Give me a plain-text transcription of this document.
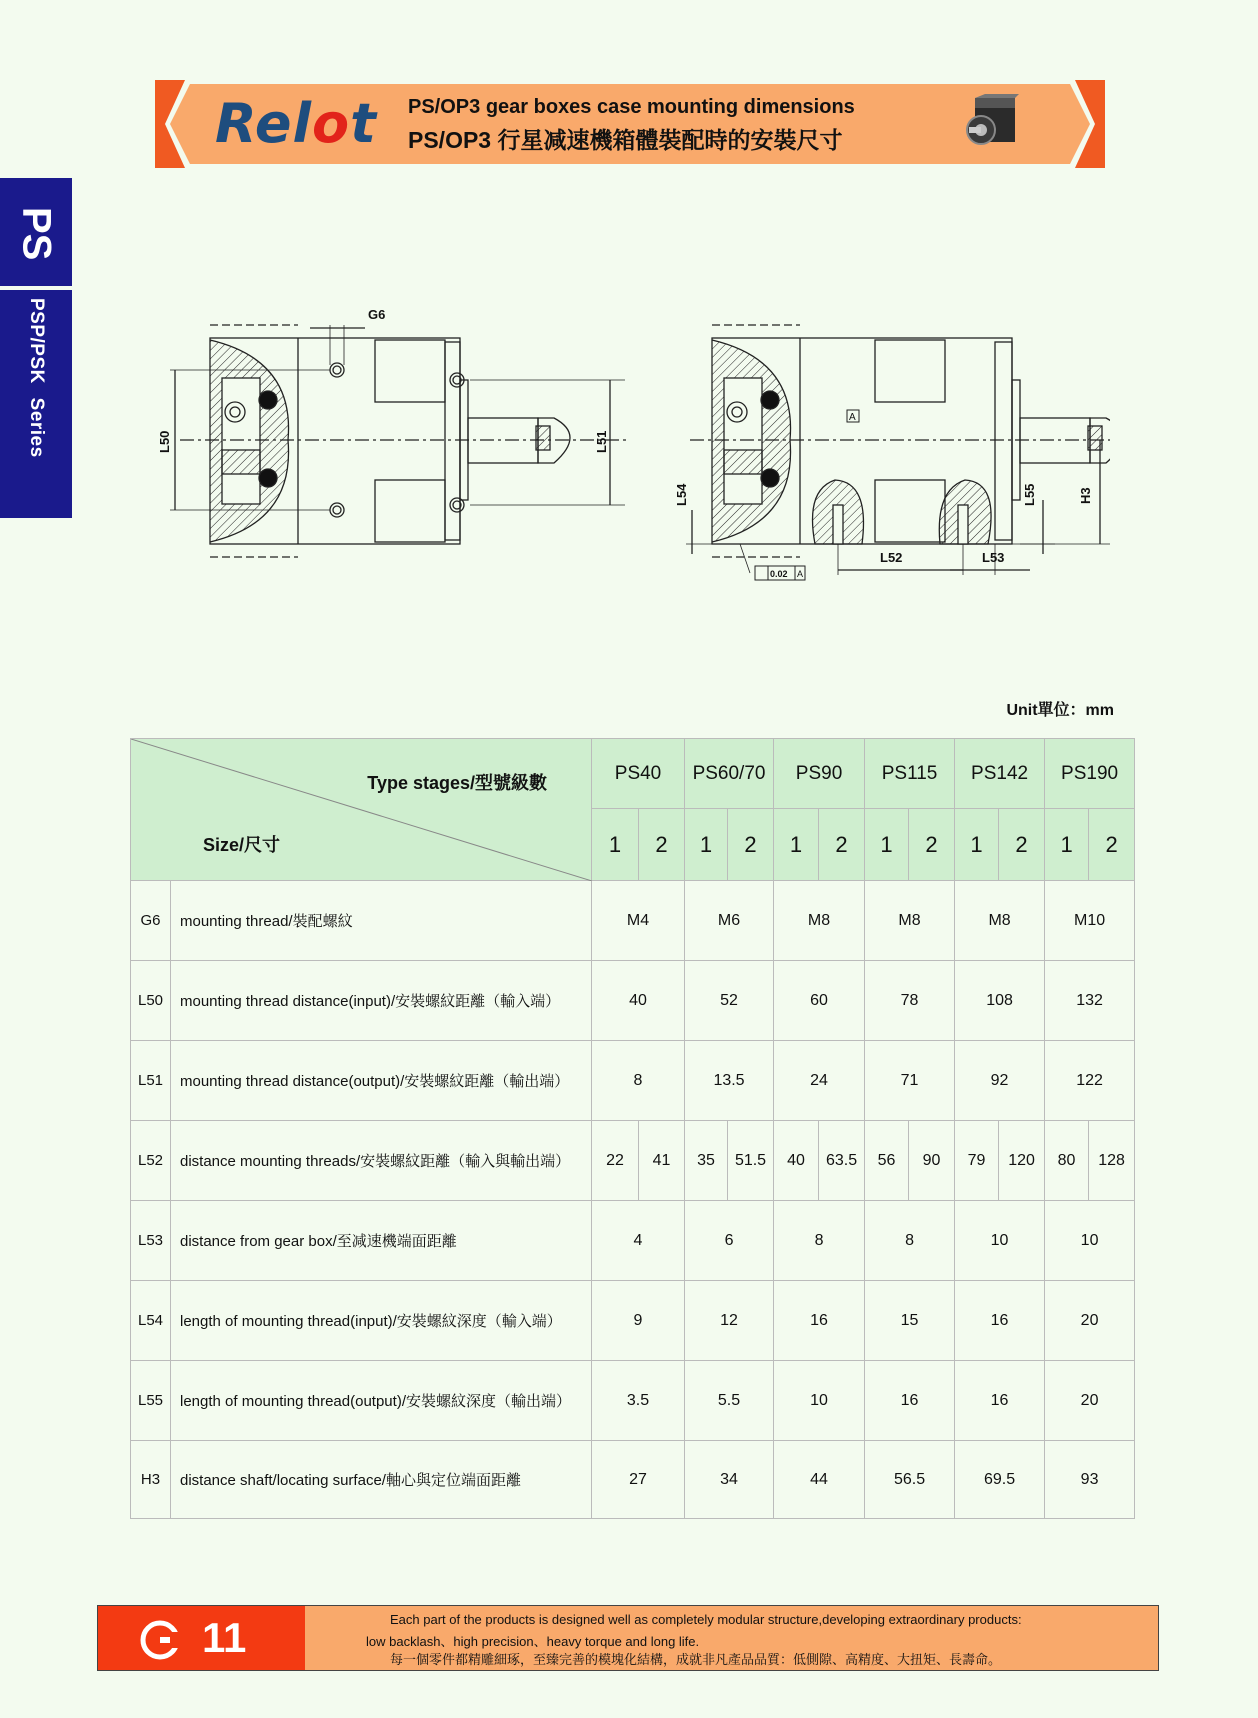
Relot PS/OP3 gear boxes case mounting dimensions
PS/OP3 行星减速機箱體裝配時的安裝尺寸
PS
PSP/PSK Series	G6
L50	L51
L52	L53
L54	L55	H3
A
0.02 A
Unit單位：mm
Type stages/型號級數
Size/尺寸		PS40		PS60/70		PS90		PS115		PS142		PS190	
		1	2	1	2	1	2	1	2	1	2	1	2
G6	mounting thread/裝配螺紋	M4		M6		M8		M8		M8		M10	
L50	mounting thread distance(input)/安裝螺紋距離（輸入端）	40		52		60		78		108		132	
L51	mounting thread distance(output)/安裝螺紋距離（輸出端）	8		13.5		24		71		92		122	
L52	distance mounting threads/安裝螺紋距離（輸入與輸出端）	22	41	35	51.5	40	63.5	56	90	79	120	80	128
L53	distance from gear box/至减速機端面距離	4		6		8		8		10		10	
L54	length of mounting thread(input)/安裝螺紋深度（輸入端）	9		12		16		15		16		20	
L55	length of mounting thread(output)/安裝螺紋深度（輸出端）	3.5		5.5		10		16		16		20	
H3	distance shaft/locating surface/軸心與定位端面距離	27		34		44		56.5		69.5		93	
11	Each part of the products is designed well as completely modular structure,developing extraordinary products:
low backlash、high precision、heavy torque and long life.
每一個零件都精雕細琢，至臻完善的模塊化結構，成就非凡產品品質：低側隙、高精度、大扭矩、長壽命。
